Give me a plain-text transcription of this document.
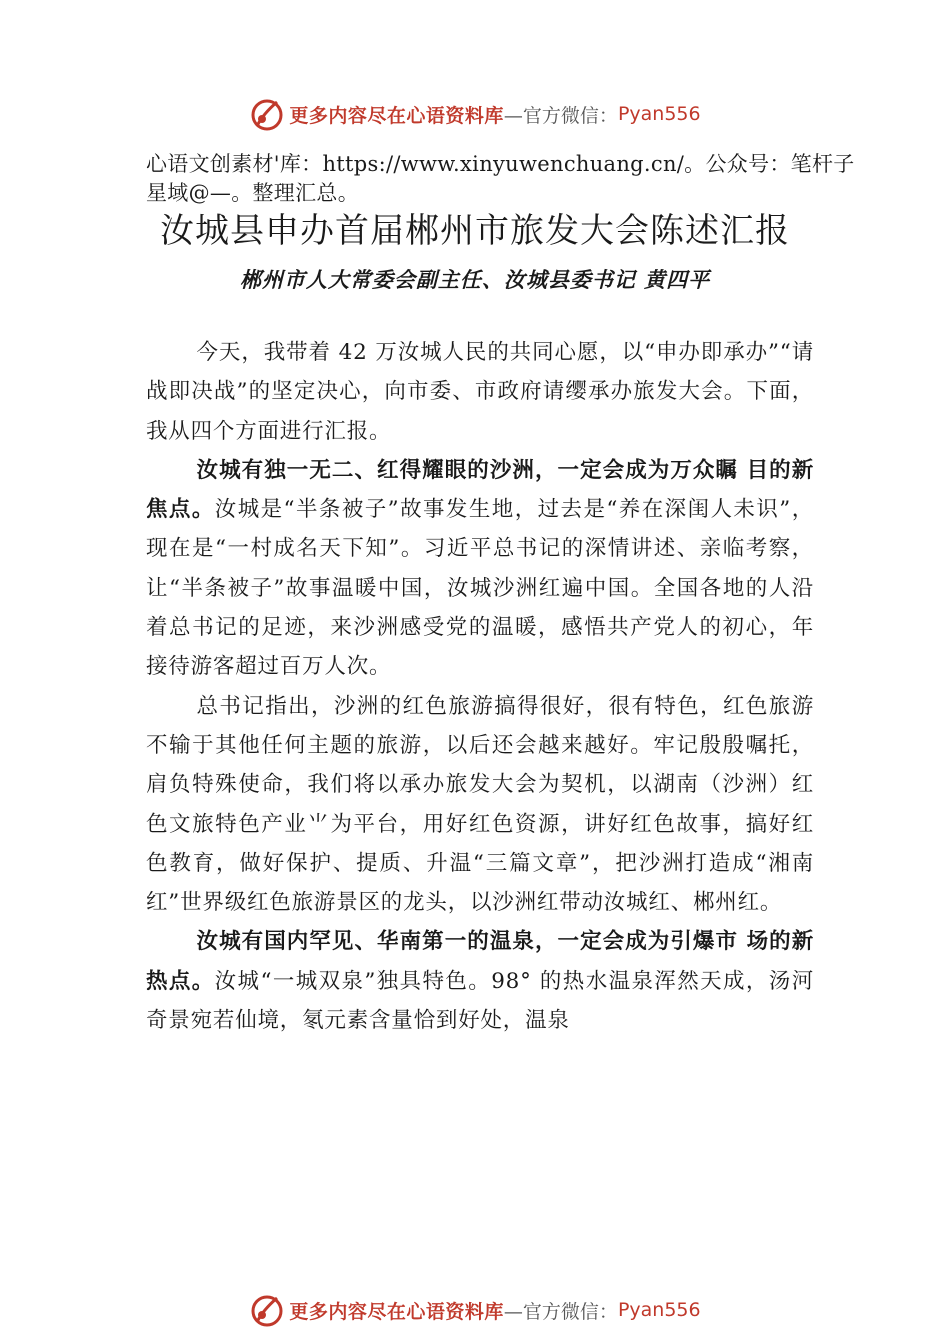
更多内容尽在心语资料库 —官方微信： Pyan556
心语文创素材'库：https://www.xinyuwenchuang.cn/。公众号：笔杆子星域@—。整理汇总。
汝城县申办首届郴州市旅发大会陈述汇报
郴州市人大常委会副主任、汝城县委书记 黄四平

今天，我带着 42 万汝城人民的共同心愿，以“申办即承办”“请战即决战”的坚定决心，向市委、市政府请缨承办旅发大会。下面，我从四个方面进行汇报。

汝城有独一无二、红得耀眼的沙洲，一定会成为万众瞩 目的新焦点。汝城是“半条被子”故事发生地，过去是“养在深闺人未识”，现在是“一村成名天下知”。习近平总书记的深情讲述、亲临考察，让“半条被子”故事温暖中国，汝城沙洲红遍中国。全国各地的人沿着总书记的足迹，来沙洲感受党的温暖，感悟共产党人的初心，年接待游客超过百万人次。

总书记指出，沙洲的红色旅游搞得很好，很有特色，红色旅游不输于其他任何主题的旅游，以后还会越来越好。牢记殷殷嘱托，肩负特殊使命，我们将以承办旅发大会为契机，以湖南（沙洲）红色文旅特色产业⺌为平台，用好红色资源，讲好红色故事，搞好红色教育，做好保护、提质、升温“三篇文章”，把沙洲打造成“湘南红”世界级红色旅游景区的龙头，以沙洲红带动汝城红、郴州红。

汝城有国内罕见、华南第一的温泉，一定会成为引爆市 场的新热点。汝城“一城双泉”独具特色。98° 的热水温泉浑然天成，汤河奇景宛若仙境，氡元素含量恰到好处，温泉

更多内容尽在心语资料库 —官方微信： Pyan556
